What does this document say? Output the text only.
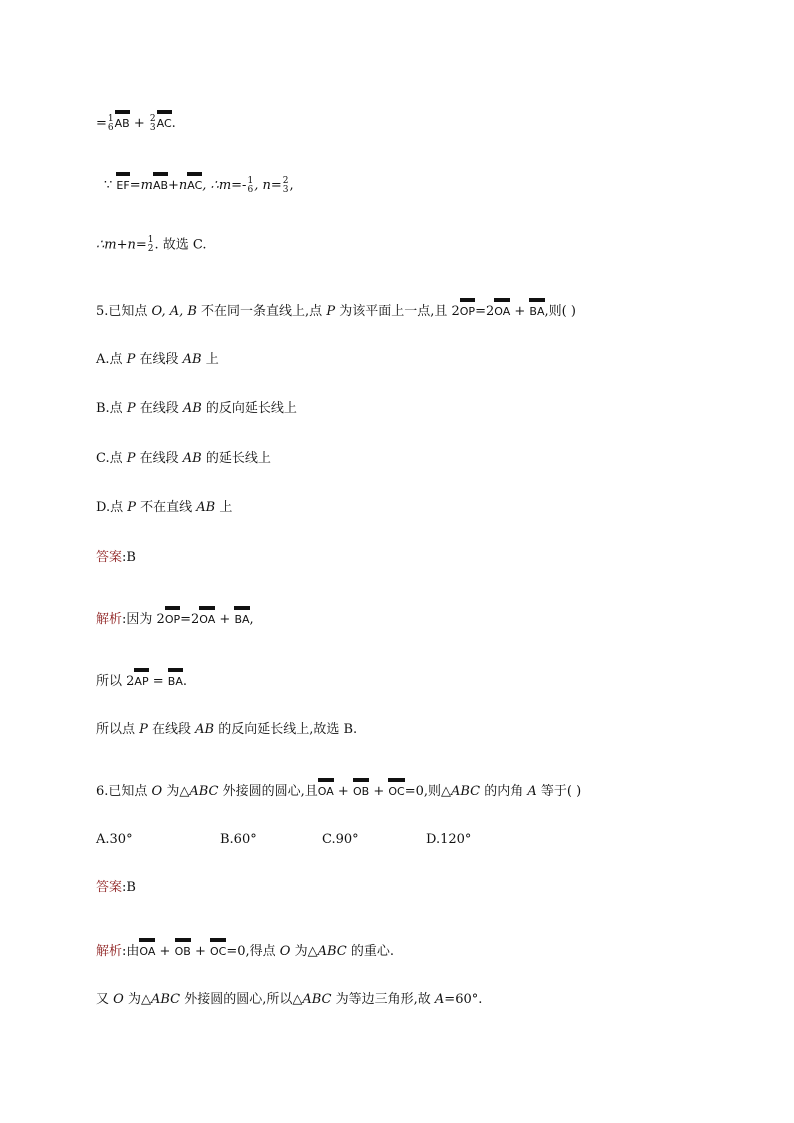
= 1
6 AB + 2
3 AC.
∵ EF=mAB+nAC, ∴m=- 1
6 , n= 2
3 ,
∴m+n= 1
2 . 故选 C.
5.已知点 O, A, B 不在同一条直线上,点 P 为该平面上一点,且 2OP=2OA + BA,则( )
A.点 P 在线段 AB 上
B.点 P 在线段 AB 的反向延长线上
C.点 P 在线段 AB 的延长线上
D.点 P 不在直线 AB 上
答案:B
解析:因为 2OP=2OA + BA,
所以 2AP = BA.
所以点 P 在线段 AB 的反向延长线上,故选 B.
6.已知点 O 为△ABC 外接圆的圆心,且OA + OB + OC=0,则△ABC 的内角 A 等于( )
A.30°	B.60°	C.90°	D.120°
答案:B
解析:由OA + OB + OC=0,得点 O 为△ABC 的重心.
又 O 为△ABC 外接圆的圆心,所以△ABC 为等边三角形,故 A=60°.
